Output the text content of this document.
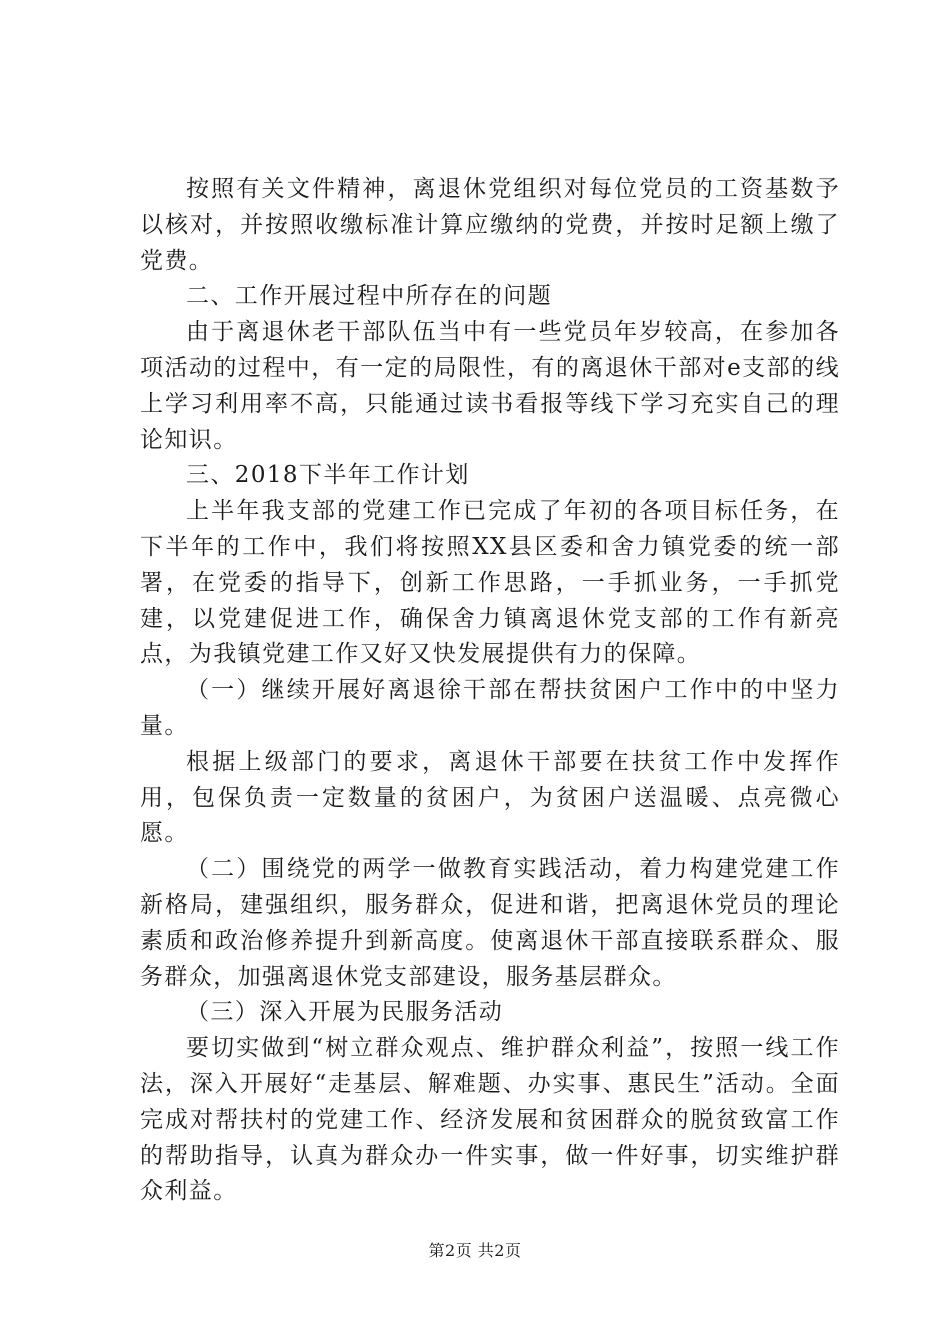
按照有关文件精神，离退休党组织对每位党员的工资基数予以核对，并按照收缴标准计算应缴纳的党费，并按时足额上缴了党费。

二、工作开展过程中所存在的问题

由于离退休老干部队伍当中有一些党员年岁较高，在参加各项活动的过程中，有一定的局限性，有的离退休干部对e支部的线上学习利用率不高，只能通过读书看报等线下学习充实自己的理论知识。

三、2018下半年工作计划

上半年我支部的党建工作已完成了年初的各项目标任务，在下半年的工作中，我们将按照XX县区委和舍力镇党委的统一部署，在党委的指导下，创新工作思路，一手抓业务，一手抓党建，以党建促进工作，确保舍力镇离退休党支部的工作有新亮点，为我镇党建工作又好又快发展提供有力的保障。

（一）继续开展好离退徐干部在帮扶贫困户工作中的中坚力量。

根据上级部门的要求，离退休干部要在扶贫工作中发挥作用，包保负责一定数量的贫困户，为贫困户送温暖、点亮微心愿。

（二）围绕党的两学一做教育实践活动，着力构建党建工作新格局，建强组织，服务群众，促进和谐，把离退休党员的理论素质和政治修养提升到新高度。使离退休干部直接联系群众、服务群众，加强离退休党支部建设，服务基层群众。

（三）深入开展为民服务活动

要切实做到“树立群众观点、维护群众利益”，按照一线工作法，深入开展好“走基层、解难题、办实事、惠民生”活动。全面完成对帮扶村的党建工作、经济发展和贫困群众的脱贫致富工作的帮助指导，认真为群众办一件实事，做一件好事，切实维护群众利益。

第2页 共2页
